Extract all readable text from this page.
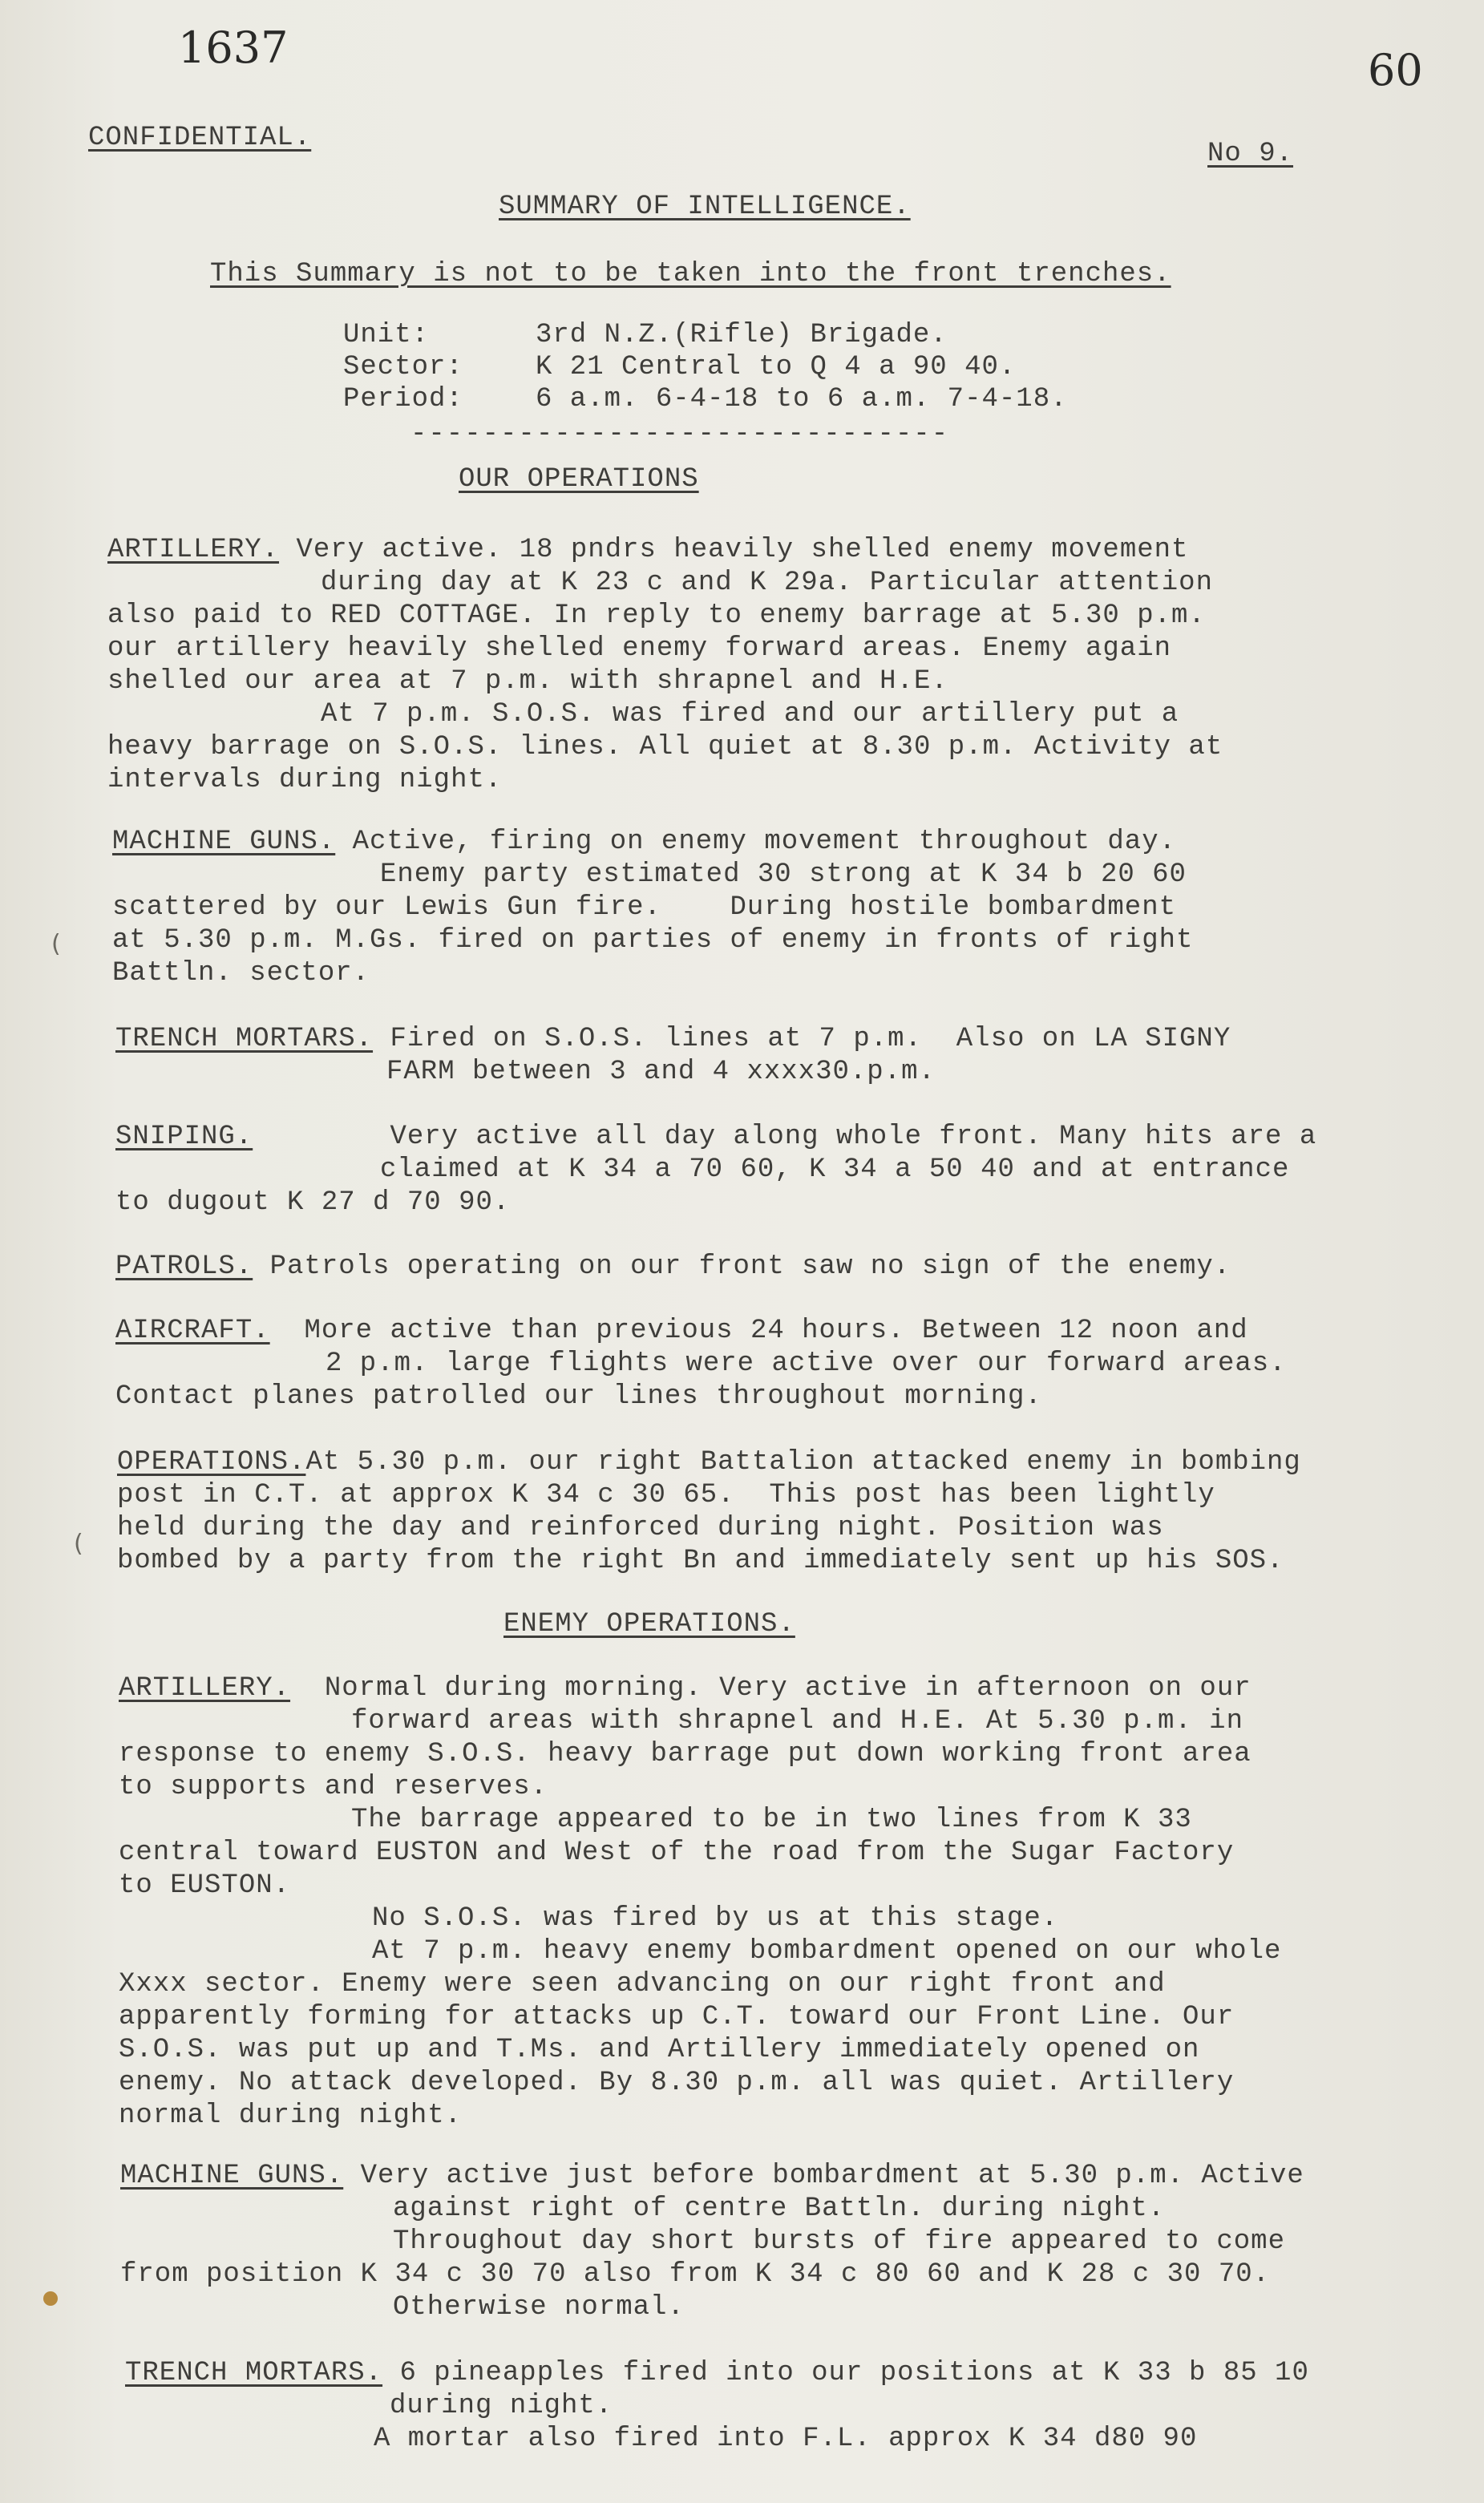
1637	60
CONFIDENTIAL.
No 9.
SUMMARY OF INTELLIGENCE.
This Summary is not to be taken into the front trenches.
Unit:	3rd N.Z.(Rifle) Brigade.
Sector:	K 21 Central to Q 4 a 90 40.
Period:	6 a.m. 6-4-18 to 6 a.m. 7-4-18.
------------------------------
OUR OPERATIONS
ARTILLERY. Very active. 18 pndrs heavily shelled enemy movement
during day at K 23 c and K 29a. Particular attention
also paid to RED COTTAGE. In reply to enemy barrage at 5.30 p.m.
our artillery heavily shelled enemy forward areas. Enemy again
shelled our area at 7 p.m. with shrapnel and H.E.
At 7 p.m. S.O.S. was fired and our artillery put a
heavy barrage on S.O.S. lines. All quiet at 8.30 p.m. Activity at
intervals during night.
MACHINE GUNS. Active, firing on enemy movement throughout day.
Enemy party estimated 30 strong at K 34 b 20 60
scattered by our Lewis Gun fire.    During hostile bombardment
at 5.30 p.m. M.Gs. fired on parties of enemy in fronts of right
Battln. sector.
TRENCH MORTARS. Fired on S.O.S. lines at 7 p.m.  Also on LA SIGNY
FARM between 3 and 4 xxxx30.p.m.
SNIPING.	Very active all day along whole front. Many hits are a
claimed at K 34 a 70 60, K 34 a 50 40 and at entrance
to dugout K 27 d 70 90.
PATROLS. Patrols operating on our front saw no sign of the enemy.
AIRCRAFT. More active than previous 24 hours. Between 12 noon and
2 p.m. large flights were active over our forward areas.
Contact planes patrolled our lines throughout morning.
OPERATIONS.At 5.30 p.m. our right Battalion attacked enemy in bombing
post in C.T. at approx K 34 c 30 65.  This post has been lightly
held during the day and reinforced during night. Position was
bombed by a party from the right Bn and immediately sent up his SOS.
ENEMY OPERATIONS.
ARTILLERY. Normal during morning. Very active in afternoon on our
forward areas with shrapnel and H.E. At 5.30 p.m. in
response to enemy S.O.S. heavy barrage put down working front area
to supports and reserves.
The barrage appeared to be in two lines from K 33
central toward EUSTON and West of the road from the Sugar Factory
to EUSTON.
No S.O.S. was fired by us at this stage.
At 7 p.m. heavy enemy bombardment opened on our whole
Xxxx sector. Enemy were seen advancing on our right front and
apparently forming for attacks up C.T. toward our Front Line. Our
S.O.S. was put up and T.Ms. and Artillery immediately opened on
enemy. No attack developed. By 8.30 p.m. all was quiet. Artillery
normal during night.
MACHINE GUNS. Very active just before bombardment at 5.30 p.m. Active
against right of centre Battln. during night.
Throughout day short bursts of fire appeared to come
from position K 34 c 30 70 also from K 34 c 80 60 and K 28 c 30 70.
Otherwise normal.
TRENCH MORTARS. 6 pineapples fired into our positions at K 33 b 85 10
during night.
A mortar also fired into F.L. approx K 34 d80 90
(
(
